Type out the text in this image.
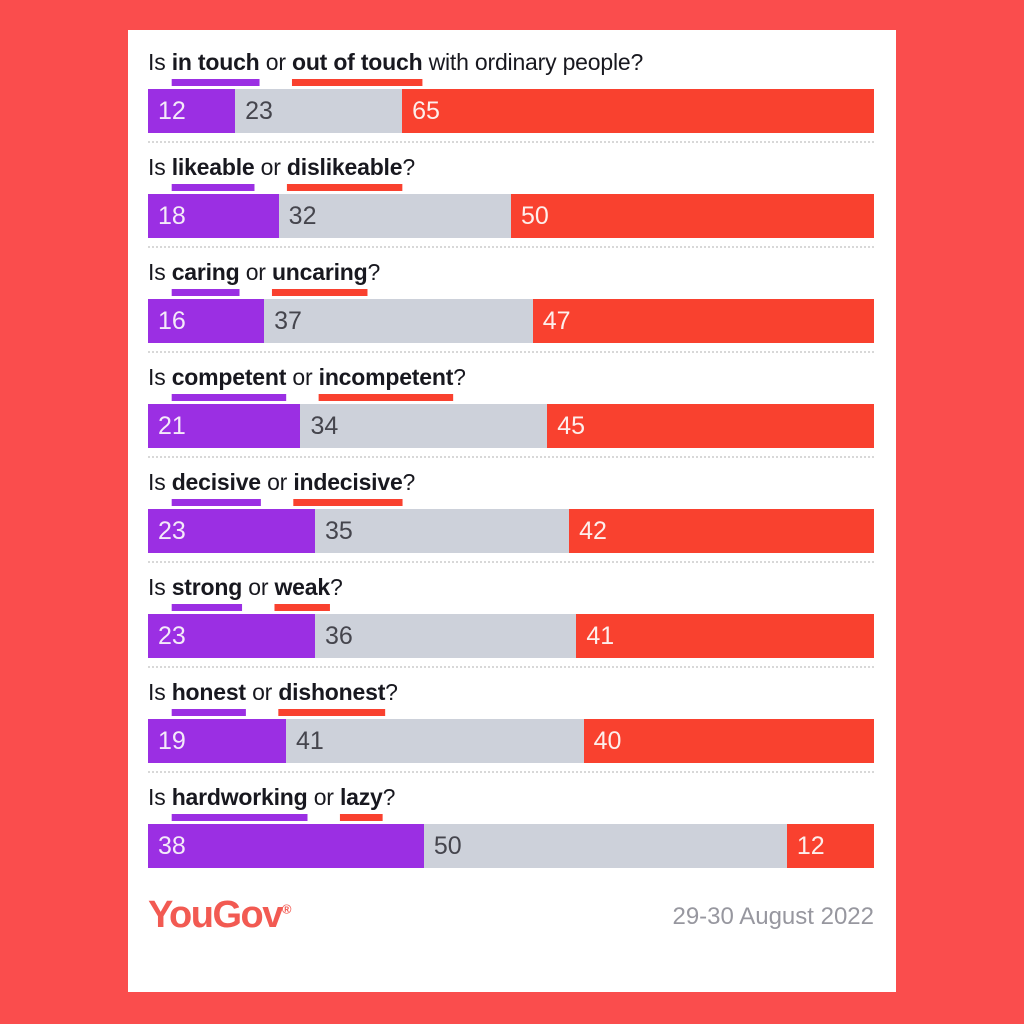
Is in touch or out of touch with ordinary people?
12 23	65
Is likeable or dislikeable?
18	32	50
Is caring or uncaring?
16	37	47
Is competent or incompetent?
21	34	45
Is decisive or indecisive?
23	35	42
Is strong or weak?
23	36	41
Is honest or dishonest?
19	41	40
Is hardworking or lazy?
38	50	12
YouGov®	29-30 August 2022
